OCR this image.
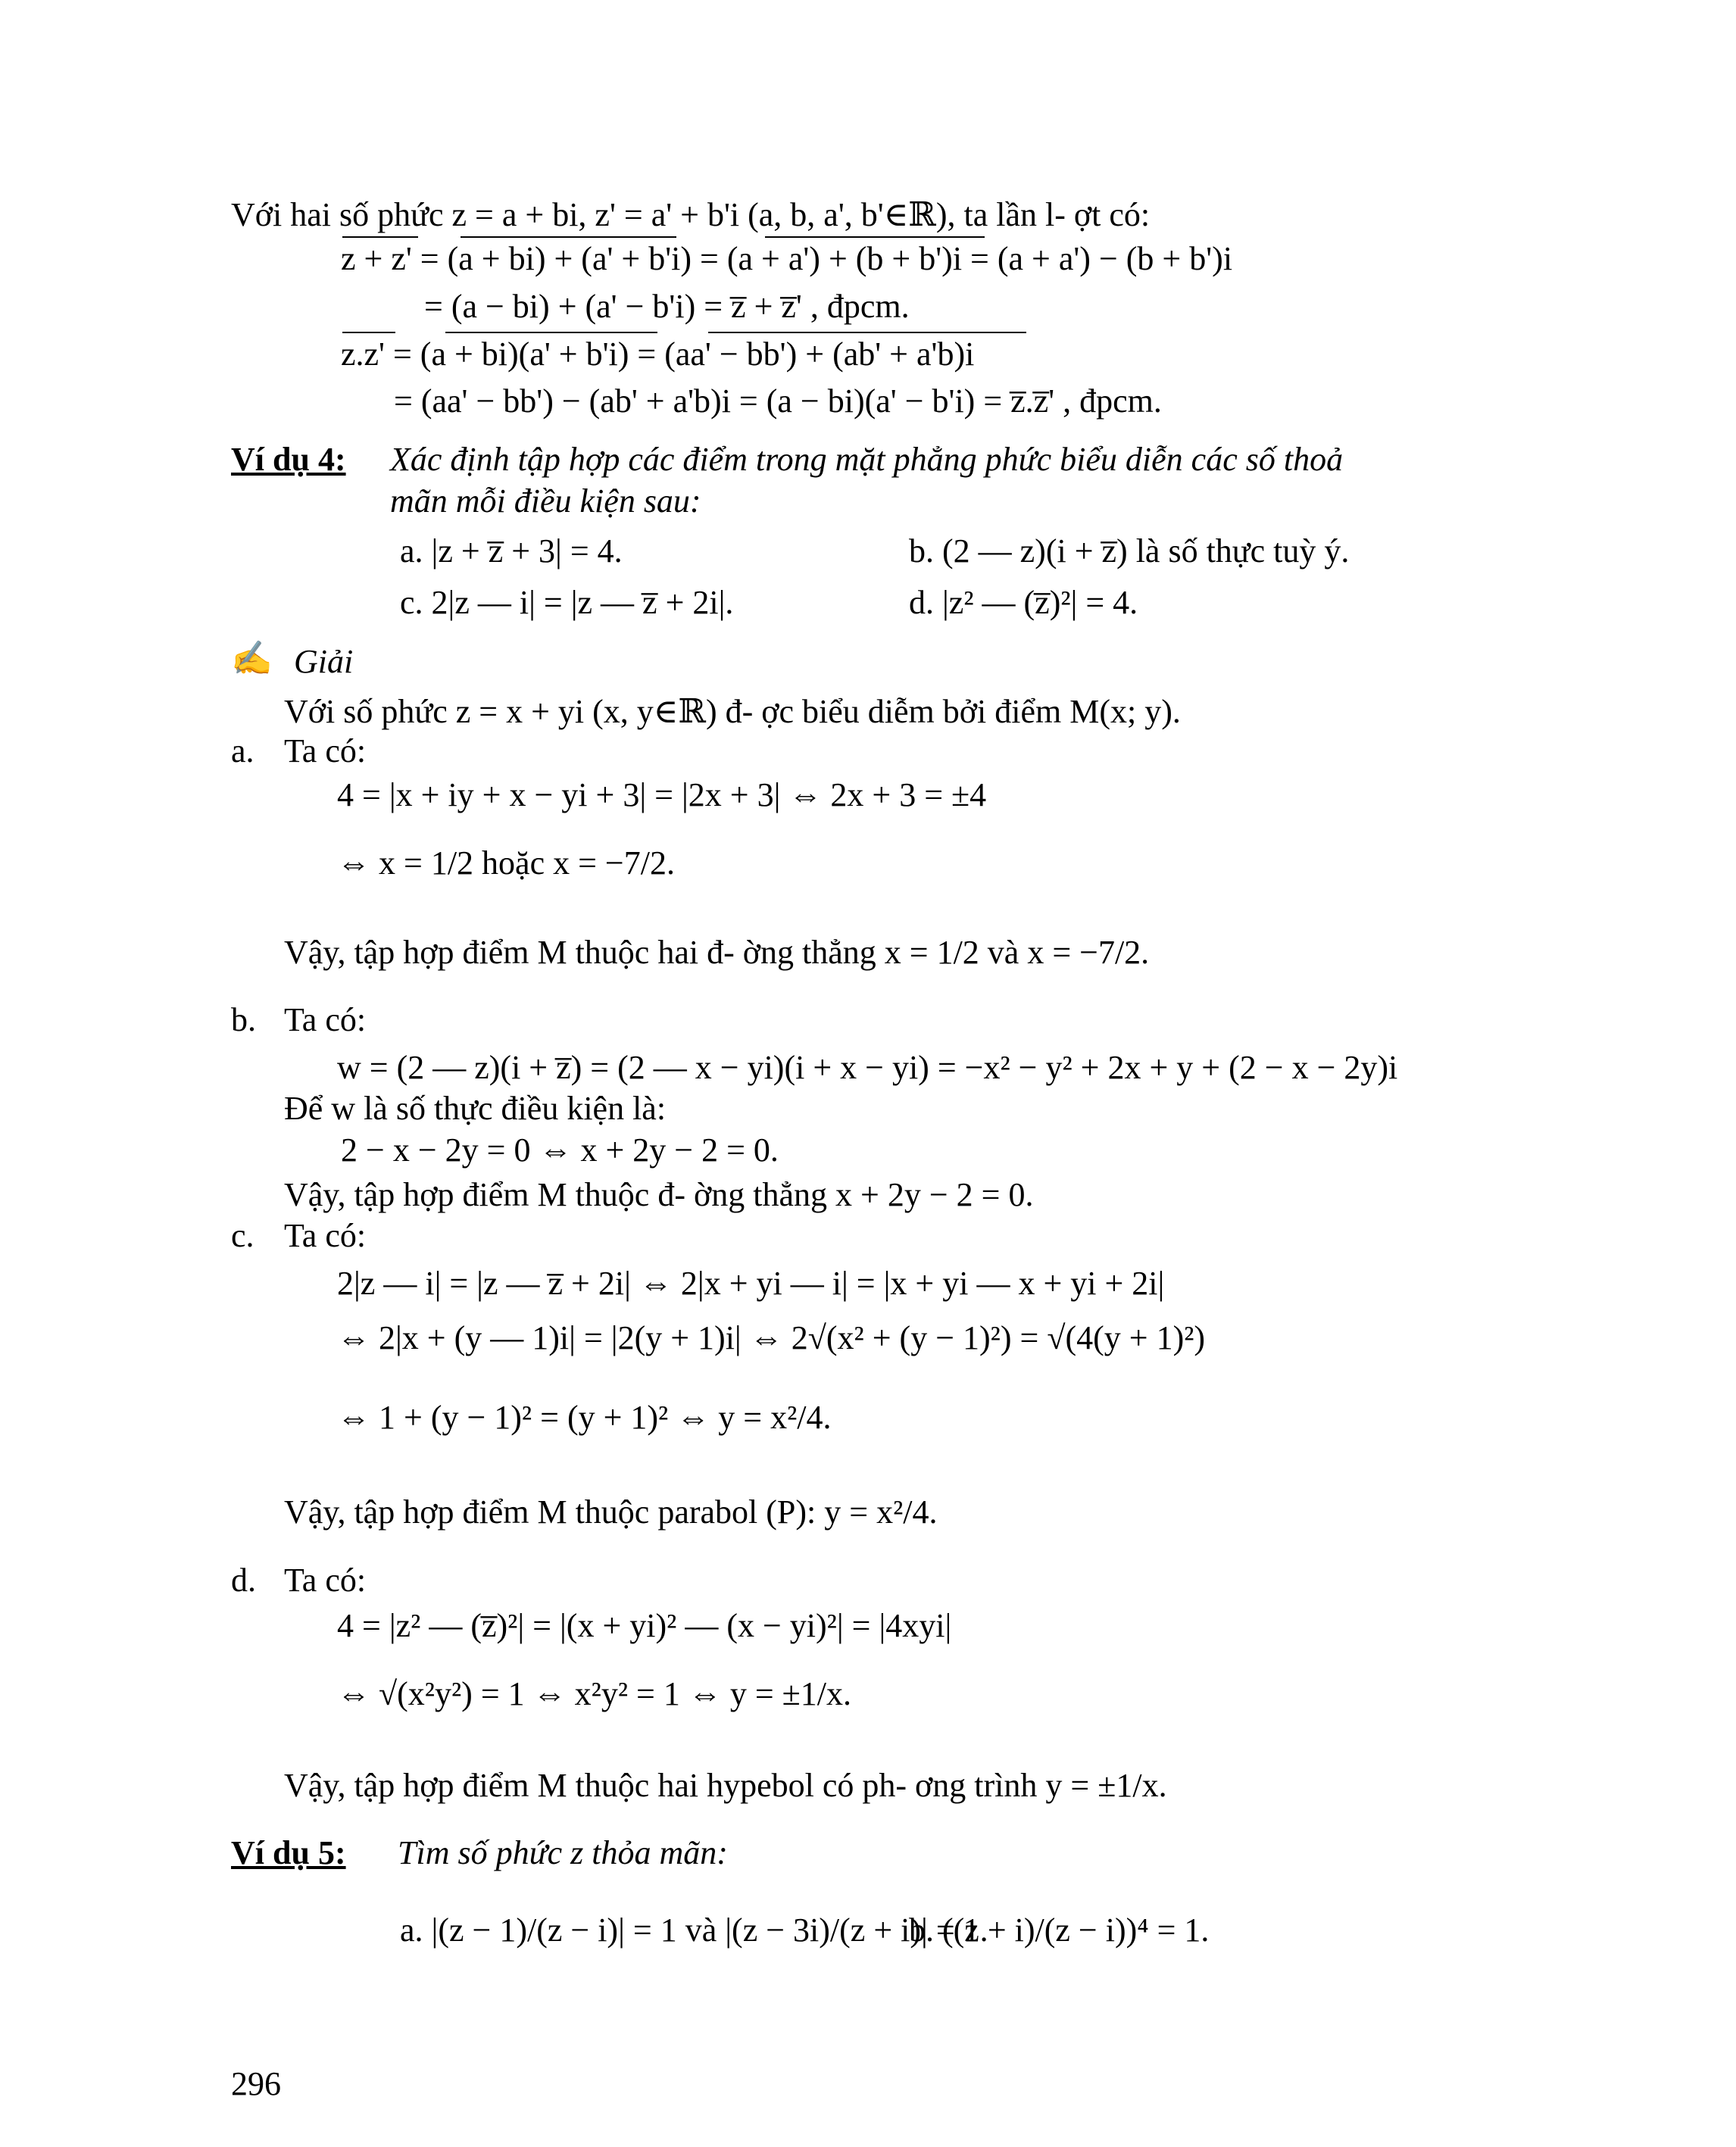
Với hai số phức z = a + bi, z' = a' + b'i (a, b, a', b'∈ℝ), ta lần l- ợt có:
z + z' = (a + bi) + (a' + b'i) = (a + a') + (b + b')i = (a + a') − (b + b')i
= (a − bi) + (a' − b'i) = z̅ + z̅' , đpcm.
z.z' = (a + bi)(a' + b'i) = (aa' − bb') + (ab' + a'b)i
= (aa' − bb') − (ab' + a'b)i = (a − bi)(a' − b'i) = z̅.z̅' , đpcm.
Ví dụ 4: Xác định tập hợp các điểm trong mặt phẳng phức biểu diễn các số thoả
mãn mỗi điều kiện sau:
a. |z + z̅ + 3| = 4.	b. (2 — z)(i + z̅) là số thực tuỳ ý.
c. 2|z — i| = |z — z̅ + 2i|.	d. |z² — (z̅)²| = 4.
✍ Giải
Với số phức z = x + yi (x, y∈ℝ) đ- ợc biểu diễm bởi điểm M(x; y).
a. Ta có:
4 = |x + iy + x − yi + 3| = |2x + 3| ⇔ 2x + 3 = ±4
⇔ x = 1/2 hoặc x = −7/2.
Vậy, tập hợp điểm M thuộc hai đ- ờng thẳng x = 1/2 và x = −7/2.
b. Ta có:
w = (2 — z)(i + z̅) = (2 — x − yi)(i + x − yi) = −x² − y² + 2x + y + (2 − x − 2y)i
Để w là số thực điều kiện là:
2 − x − 2y = 0 ⇔ x + 2y − 2 = 0.
Vậy, tập hợp điểm M thuộc đ- ờng thẳng x + 2y − 2 = 0.
c. Ta có:
2|z — i| = |z — z̅ + 2i| ⇔ 2|x + yi — i| = |x + yi — x + yi + 2i|
⇔ 2|x + (y — 1)i| = |2(y + 1)i| ⇔ 2√(x² + (y − 1)²) = √(4(y + 1)²)
⇔ 1 + (y − 1)² = (y + 1)² ⇔ y = x²/4.
Vậy, tập hợp điểm M thuộc parabol (P): y = x²/4.
d. Ta có:
4 = |z² — (z̅)²| = |(x + yi)² — (x − yi)²| = |4xyi|
⇔ √(x²y²) = 1 ⇔ x²y² = 1 ⇔ y = ±1/x.
Vậy, tập hợp điểm M thuộc hai hypebol có ph- ơng trình y = ±1/x.
Ví dụ 5: Tìm số phức z thỏa mãn:
a. |(z − 1)/(z − i)| = 1 và |(z − 3i)/(z + i)| = 1.
b. ((z + i)/(z − i))⁴ = 1.
296
